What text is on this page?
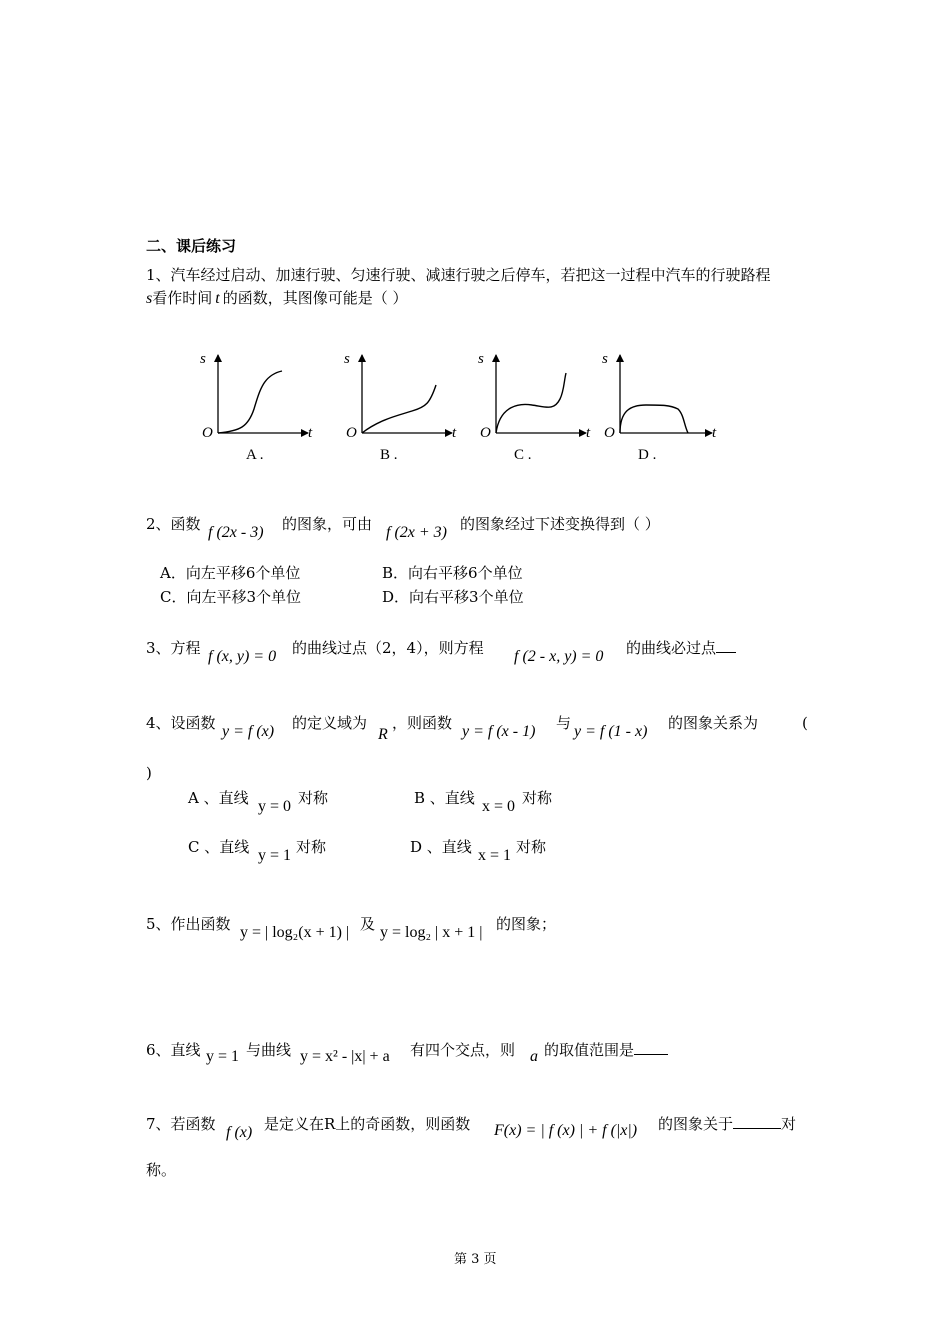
二、课后练习
1、汽车经过启动、加速行驶、匀速行驶、减速行驶之后停车，若把这一过程中汽车的行驶路程
s看作时间 t 的函数，其图像可能是（ ）
s
O	t
A .
s
O	t
B .
s
O	t
C .
s
O	t
D .
2、函数 f (2x - 3) 的图象，可由 f (2x + 3) 的图象经过下述变换得到（ ）
A．向左平移6个单位	B．向右平移6个单位
C．向左平移3个单位	D．向右平移3个单位
3、方程 f (x, y) = 0 的曲线过点（2，4），则方程 f (2 - x, y) = 0 的曲线必过点
4、设函数 y = f (x) 的定义域为
R
，则函数 y = f (x - 1) 与 y = f (1 - x) 的图象关系为	(
)
A 、直线 y = 0 对称	B 、直线 x = 0 对称
C 、直线 y = 1 对称	D 、直线 x = 1 对称
5、作出函数 y = | log₂(x + 1) | 及 y = log₂ | x + 1 | 的图象；
6、直线 y = 1 与曲线 y = x² - |x| + a 有四个交点，则 a 的取值范围是
7、若函数 f (x) 是定义在R上的奇函数，则函数 F(x) = | f (x) | + f (|x|) 的图象关于	对
称。
第 3 页
